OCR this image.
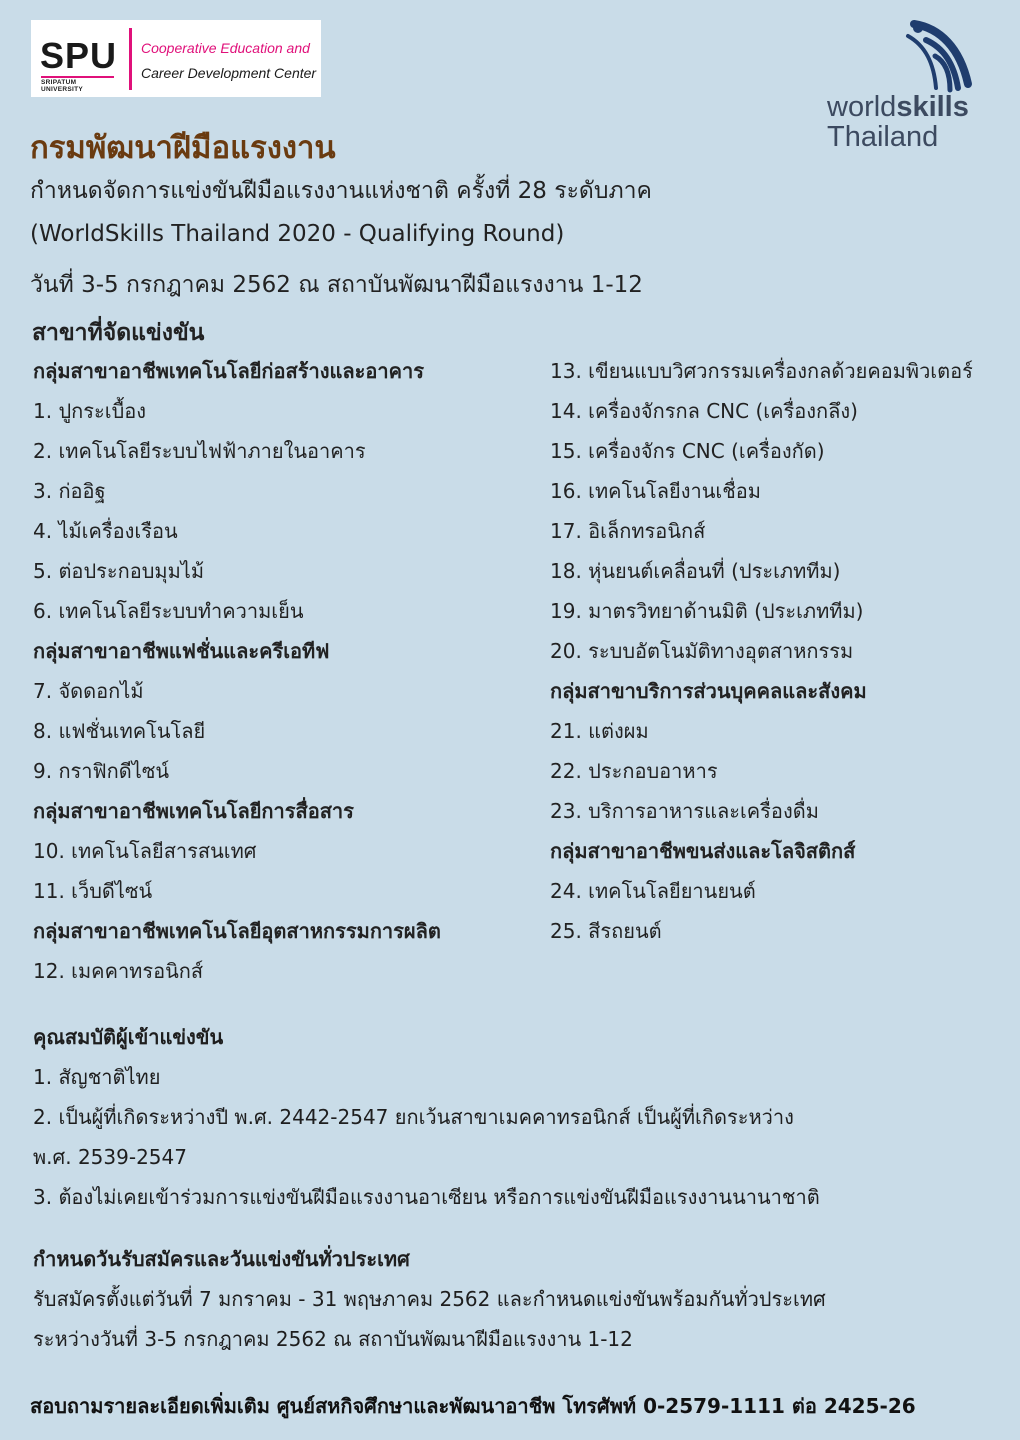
SPU
SRIPATUM
UNIVERSITY
Cooperative Education and
Career Development Center
worldskills
Thailand
กรมพัฒนาฝีมือแรงงาน
กำหนดจัดการแข่งขันฝีมือแรงงานแห่งชาติ ครั้งที่ 28 ระดับภาค
(WorldSkills Thailand 2020 - Qualifying Round)
วันที่ 3-5 กรกฎาคม 2562 ณ สถาบันพัฒนาฝีมือแรงงาน 1-12
สาขาที่จัดแข่งขัน
กลุ่มสาขาอาชีพเทคโนโลยีก่อสร้างและอาคาร
1. ปูกระเบื้อง
2. เทคโนโลยีระบบไฟฟ้าภายในอาคาร
3. ก่ออิฐ
4. ไม้เครื่องเรือน
5. ต่อประกอบมุมไม้
6. เทคโนโลยีระบบทำความเย็น
กลุ่มสาขาอาชีพแฟชั่นและครีเอทีฟ
7. จัดดอกไม้
8. แฟชั่นเทคโนโลยี
9. กราฟิกดีไซน์
กลุ่มสาขาอาชีพเทคโนโลยีการสื่อสาร
10. เทคโนโลยีสารสนเทศ
11. เว็บดีไซน์
กลุ่มสาขาอาชีพเทคโนโลยีอุตสาหกรรมการผลิต
12. เมคคาทรอนิกส์
13. เขียนแบบวิศวกรรมเครื่องกลด้วยคอมพิวเตอร์
14. เครื่องจักรกล CNC (เครื่องกลึง)
15. เครื่องจักร CNC (เครื่องกัด)
16. เทคโนโลยีงานเชื่อม
17. อิเล็กทรอนิกส์
18. หุ่นยนต์เคลื่อนที่ (ประเภททีม)
19. มาตรวิทยาด้านมิติ (ประเภททีม)
20. ระบบอัตโนมัติทางอุตสาหกรรม
กลุ่มสาขาบริการส่วนบุคคลและสังคม
21. แต่งผม
22. ประกอบอาหาร
23. บริการอาหารและเครื่องดื่ม
กลุ่มสาขาอาชีพขนส่งและโลจิสติกส์
24. เทคโนโลยียานยนต์
25. สีรถยนต์
คุณสมบัติผู้เข้าแข่งขัน
1. สัญชาติไทย
2. เป็นผู้ที่เกิดระหว่างปี พ.ศ. 2442-2547 ยกเว้นสาขาเมคคาทรอนิกส์ เป็นผู้ที่เกิดระหว่าง
พ.ศ. 2539-2547
3. ต้องไม่เคยเข้าร่วมการแข่งขันฝีมือแรงงานอาเซียน หรือการแข่งขันฝีมือแรงงานนานาชาติ
กำหนดวันรับสมัครและวันแข่งขันทั่วประเทศ
รับสมัครตั้งแต่วันที่ 7 มกราคม - 31 พฤษภาคม 2562 และกำหนดแข่งขันพร้อมกันทั่วประเทศ
ระหว่างวันที่ 3-5 กรกฎาคม 2562 ณ สถาบันพัฒนาฝีมือแรงงาน 1-12
สอบถามรายละเอียดเพิ่มเติม ศูนย์สหกิจศึกษาและพัฒนาอาชีพ โทรศัพท์ 0-2579-1111 ต่อ 2425-26
